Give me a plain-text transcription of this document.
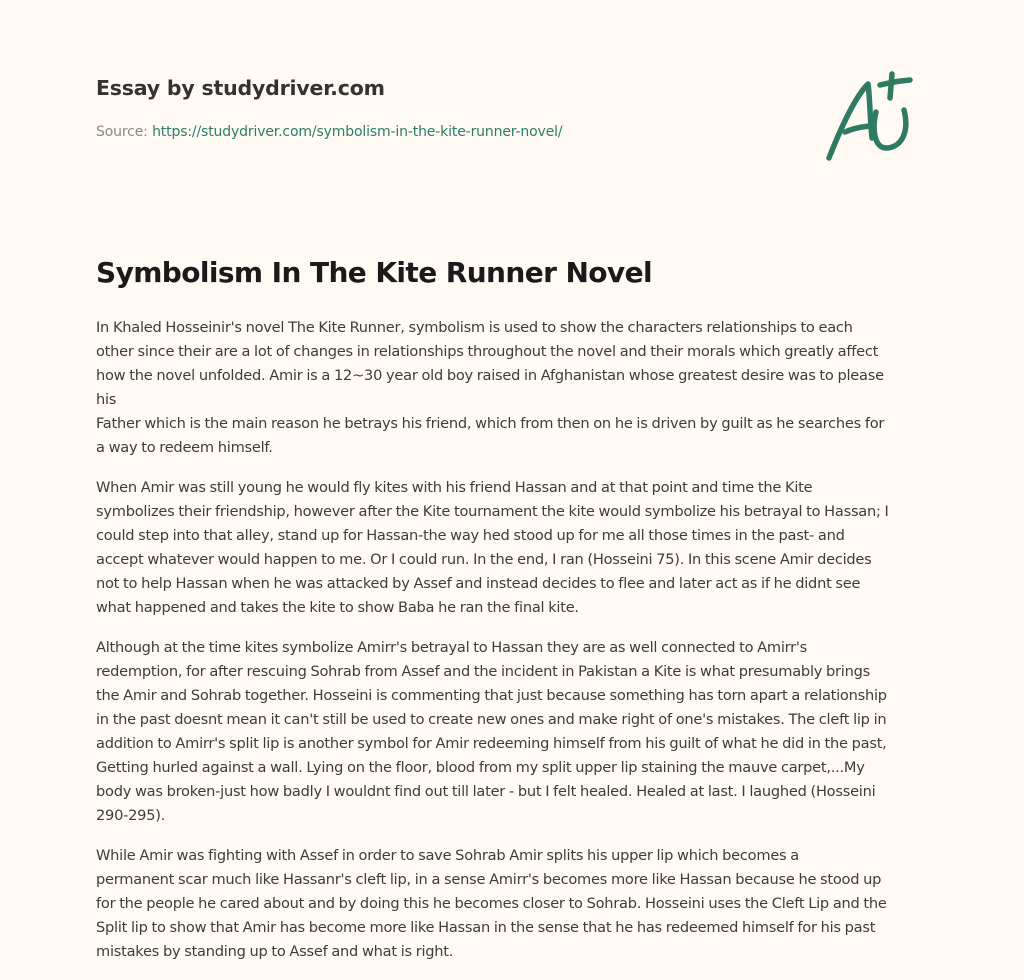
Essay by studydriver.com
Source: https://studydriver.com/symbolism-in-the-kite-runner-novel/
Symbolism In The Kite Runner Novel

In Khaled Hosseinir's novel The Kite Runner, symbolism is used to show the characters relationships to each
other since their are a lot of changes in relationships throughout the novel and their morals which greatly affect
how the novel unfolded. Amir is a 12~30 year old boy raised in Afghanistan whose greatest desire was to please
his
Father which is the main reason he betrays his friend, which from then on he is driven by guilt as he searches for
a way to redeem himself.

When Amir was still young he would fly kites with his friend Hassan and at that point and time the Kite
symbolizes their friendship, however after the Kite tournament the kite would symbolize his betrayal to Hassan; I
could step into that alley, stand up for Hassan-the way hed stood up for me all those times in the past- and
accept whatever would happen to me. Or I could run. In the end, I ran (Hosseini 75). In this scene Amir decides
not to help Hassan when he was attacked by Assef and instead decides to flee and later act as if he didnt see
what happened and takes the kite to show Baba he ran the final kite.

Although at the time kites symbolize Amirr's betrayal to Hassan they are as well connected to Amirr's
redemption, for after rescuing Sohrab from Assef and the incident in Pakistan a Kite is what presumably brings
the Amir and Sohrab together. Hosseini is commenting that just because something has torn apart a relationship
in the past doesnt mean it can't still be used to create new ones and make right of one's mistakes. The cleft lip in
addition to Amirr's split lip is another symbol for Amir redeeming himself from his guilt of what he did in the past,
Getting hurled against a wall. Lying on the floor, blood from my split upper lip staining the mauve carpet,...My
body was broken-just how badly I wouldnt find out till later - but I felt healed. Healed at last. I laughed (Hosseini
290-295).

While Amir was fighting with Assef in order to save Sohrab Amir splits his upper lip which becomes a
permanent scar much like Hassanr's cleft lip, in a sense Amirr's becomes more like Hassan because he stood up
for the people he cared about and by doing this he becomes closer to Sohrab. Hosseini uses the Cleft Lip and the
Split lip to show that Amir has become more like Hassan in the sense that he has redeemed himself for his past
mistakes by standing up to Assef and what is right.
